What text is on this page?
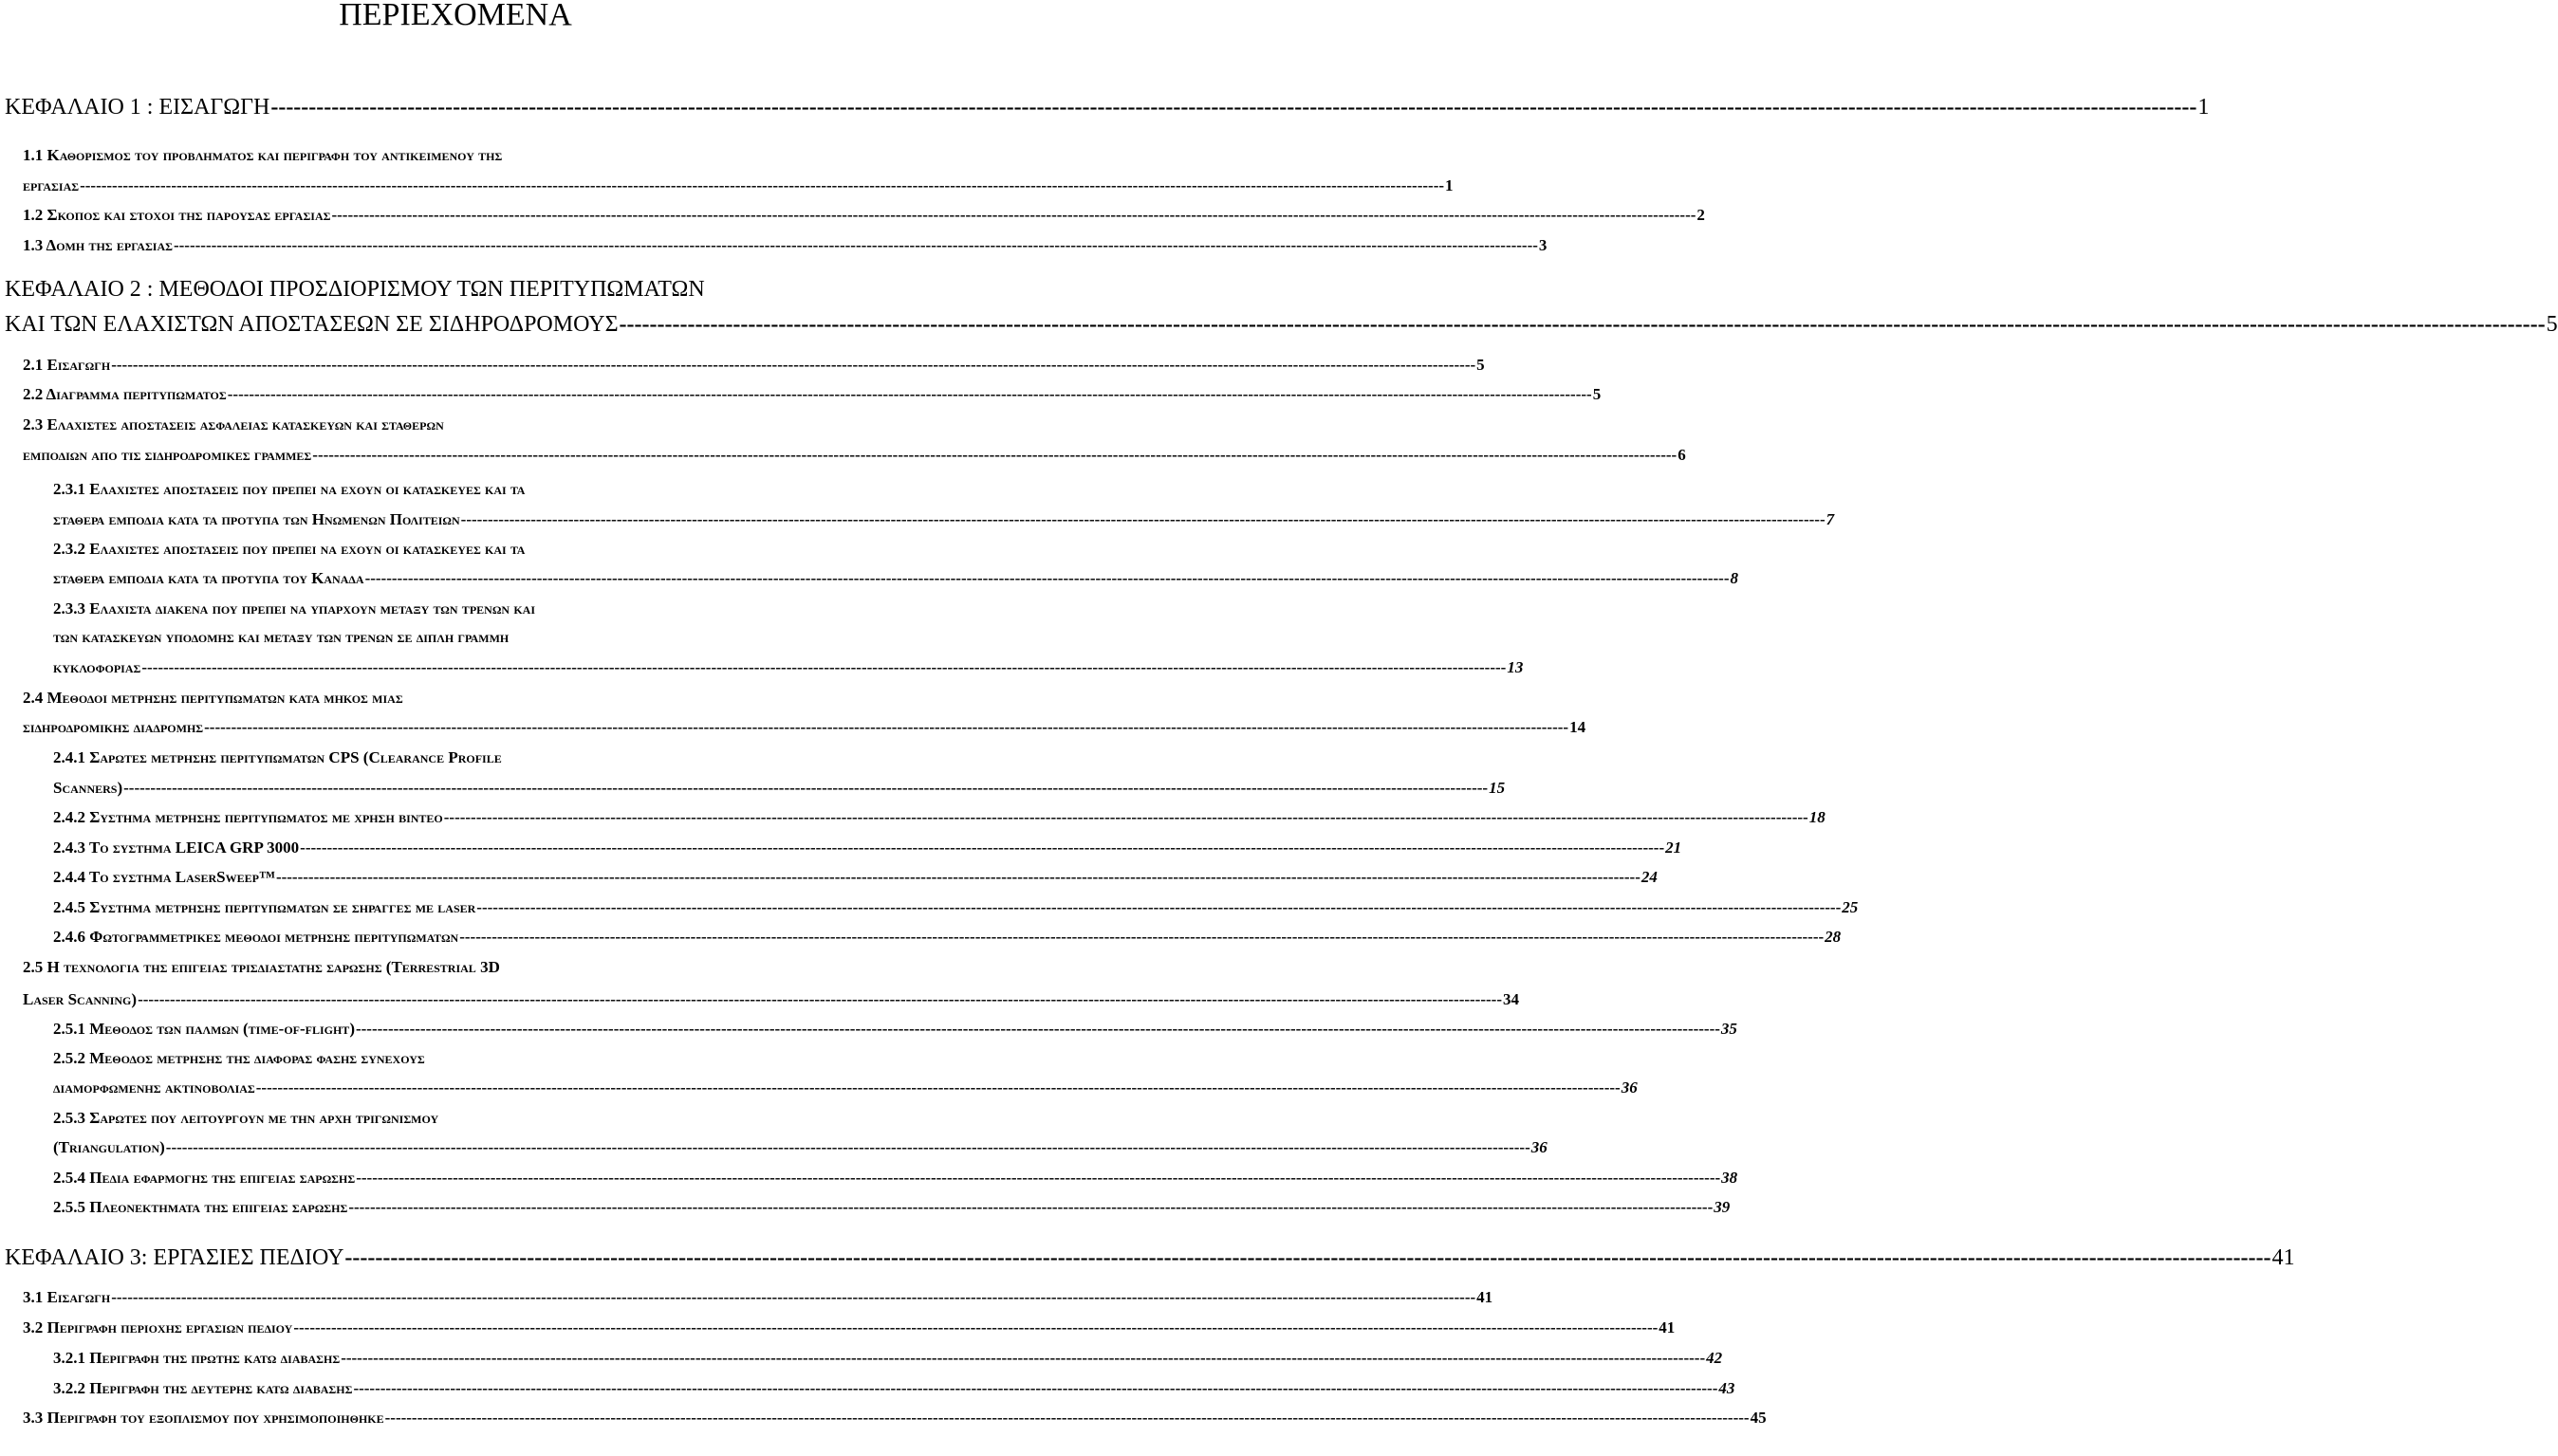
ΠΕΡΙΕΧΟΜΕΝΑ
ΚΕΦΑΛΑΙΟ 1 : ΕΙΣΑΓΩΓΗ -------------------------------------------------------------------------------------------------------------------------------------------------------------------------------------------------------------------------------------------------------------- 1
1.1 Καθορισμος του προβληματος και περιγραφη του αντικειμενου της
εργασιας -------------------------------------------------------------------------------------------------------------------------------------------------------------------------------------------------------------------------------------------------------------- 1
1.2 Σκοπος και στοχοι της παρουσας εργασιας -------------------------------------------------------------------------------------------------------------------------------------------------------------------------------------------------------------------------------------------------------------- 2
1.3 Δομη της εργασιας -------------------------------------------------------------------------------------------------------------------------------------------------------------------------------------------------------------------------------------------------------------- 3
ΚΕΦΑΛΑΙΟ 2 : ΜΕΘΟΔΟΙ ΠΡΟΣΔΙΟΡΙΣΜΟΥ ΤΩΝ ΠΕΡΙΤΥΠΩΜΑΤΩΝ
ΚΑΙ ΤΩΝ ΕΛΑΧΙΣΤΩΝ ΑΠΟΣΤΑΣΕΩΝ ΣΕ ΣΙΔΗΡΟΔΡΟΜΟΥΣ -------------------------------------------------------------------------------------------------------------------------------------------------------------------------------------------------------------------------------------------------------------- 5
2.1 Εισαγωγη -------------------------------------------------------------------------------------------------------------------------------------------------------------------------------------------------------------------------------------------------------------- 5
2.2 Διαγραμμα περιτυπωματος -------------------------------------------------------------------------------------------------------------------------------------------------------------------------------------------------------------------------------------------------------------- 5
2.3 Ελαχιστες αποστασεις ασφαλειας κατασκευων και σταθερων
εμποδιων απο τις σιδηροδρομικες γραμμες -------------------------------------------------------------------------------------------------------------------------------------------------------------------------------------------------------------------------------------------------------------- 6
2.3.1 Ελαχιστες αποστασεις που πρεπει να εχουν οι κατασκευες και τα
σταθερα εμποδια κατα τα προτυπα των Ηνωμενων Πολιτειων -------------------------------------------------------------------------------------------------------------------------------------------------------------------------------------------------------------------------------------------------------------- 7
2.3.2 Ελαχιστες αποστασεις που πρεπει να εχουν οι κατασκευες και τα
σταθερα εμποδια κατα τα προτυπα του Καναδα -------------------------------------------------------------------------------------------------------------------------------------------------------------------------------------------------------------------------------------------------------------- 8
2.3.3 Ελαχιστα διακενα που πρεπει να υπαρχουν μεταξυ των τρενων και
των κατασκευων υποδομης και μεταξυ των τρενων σε διπλη γραμμη
κυκλοφοριας -------------------------------------------------------------------------------------------------------------------------------------------------------------------------------------------------------------------------------------------------------------- 13
2.4 Μεθοδοι μετρησης περιτυπωματων κατα μηκος μιας
σιδηροδρομικης διαδρομης -------------------------------------------------------------------------------------------------------------------------------------------------------------------------------------------------------------------------------------------------------------- 14
2.4.1 Σαρωτες μετρησης περιτυπωματων CPS (Clearance Profile
Scanners) -------------------------------------------------------------------------------------------------------------------------------------------------------------------------------------------------------------------------------------------------------------- 15
2.4.2 Συστημα μετρησης περιτυπωματος με χρηση βιντεο -------------------------------------------------------------------------------------------------------------------------------------------------------------------------------------------------------------------------------------------------------------- 18
2.4.3 Το συστημα LEICA GRP 3000 -------------------------------------------------------------------------------------------------------------------------------------------------------------------------------------------------------------------------------------------------------------- 21
2.4.4 Το συστημα LaserSweep™ -------------------------------------------------------------------------------------------------------------------------------------------------------------------------------------------------------------------------------------------------------------- 24
2.4.5 Συστημα μετρησης περιτυπωματων σε σηραγγες με laser -------------------------------------------------------------------------------------------------------------------------------------------------------------------------------------------------------------------------------------------------------------- 25
2.4.6 Φωτογραμμετρικες μεθοδοι μετρησης περιτυπωματων -------------------------------------------------------------------------------------------------------------------------------------------------------------------------------------------------------------------------------------------------------------- 28
2.5 Η τεχνολογια της επιγειας τρισδιαστατης σαρωσης (Terrestrial 3D
Laser Scanning) -------------------------------------------------------------------------------------------------------------------------------------------------------------------------------------------------------------------------------------------------------------- 34
2.5.1 Μεθοδος των παλμων (time-of-flight) -------------------------------------------------------------------------------------------------------------------------------------------------------------------------------------------------------------------------------------------------------------- 35
2.5.2 Μεθοδος μετρησης της διαφορας φασης συνεχους
διαμορφωμενης ακτινοβολιας -------------------------------------------------------------------------------------------------------------------------------------------------------------------------------------------------------------------------------------------------------------- 36
2.5.3 Σαρωτες που λειτουργουν με την αρχη τριγωνισμου
(Triangulation) -------------------------------------------------------------------------------------------------------------------------------------------------------------------------------------------------------------------------------------------------------------- 36
2.5.4 Πεδια εφαρμογης της επιγειας σαρωσης -------------------------------------------------------------------------------------------------------------------------------------------------------------------------------------------------------------------------------------------------------------- 38
2.5.5 Πλεονεκτηματα της επιγειας σαρωσης -------------------------------------------------------------------------------------------------------------------------------------------------------------------------------------------------------------------------------------------------------------- 39
ΚΕΦΑΛΑΙΟ 3: ΕΡΓΑΣΙΕΣ ΠΕΔΙΟΥ -------------------------------------------------------------------------------------------------------------------------------------------------------------------------------------------------------------------------------------------------------------- 41
3.1 Εισαγωγη -------------------------------------------------------------------------------------------------------------------------------------------------------------------------------------------------------------------------------------------------------------- 41
3.2 Περιγραφη περιοχης εργασιων πεδιου -------------------------------------------------------------------------------------------------------------------------------------------------------------------------------------------------------------------------------------------------------------- 41
3.2.1 Περιγραφη της πρωτης κατω διαβασης -------------------------------------------------------------------------------------------------------------------------------------------------------------------------------------------------------------------------------------------------------------- 42
3.2.2 Περιγραφη της δευτερης κατω διαβασης -------------------------------------------------------------------------------------------------------------------------------------------------------------------------------------------------------------------------------------------------------------- 43
3.3 Περιγραφη του εξοπλισμου που χρησιμοποιηθηκε -------------------------------------------------------------------------------------------------------------------------------------------------------------------------------------------------------------------------------------------------------------- 45
